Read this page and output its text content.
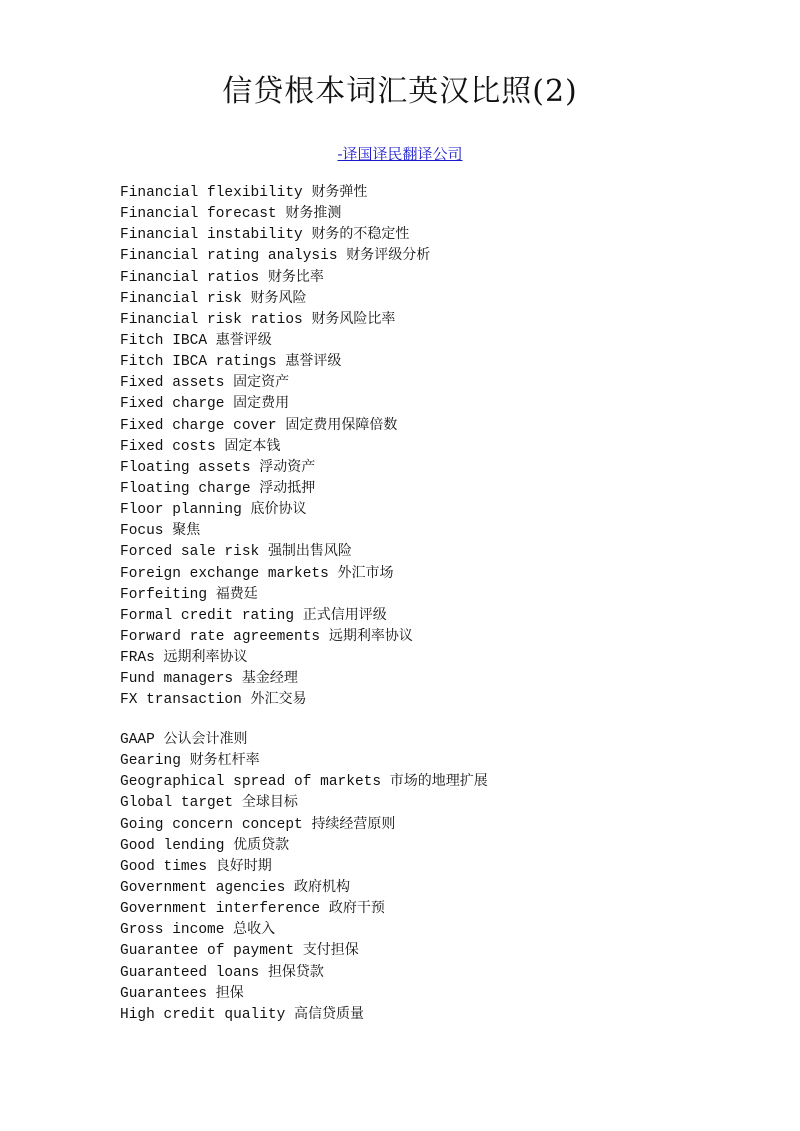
信贷根本词汇英汉比照(2)
-译国译民翻译公司
Financial flexibility 财务弹性
Financial forecast 财务推测
Financial instability 财务的不稳定性
Financial rating analysis 财务评级分析
Financial ratios 财务比率
Financial risk 财务风险
Financial risk ratios 财务风险比率
Fitch IBCA 惠誉评级
Fitch IBCA ratings 惠誉评级
Fixed assets 固定资产
Fixed charge 固定费用
Fixed charge cover 固定费用保障倍数
Fixed costs 固定本钱
Floating assets 浮动资产
Floating charge 浮动抵押
Floor planning 底价协议
Focus 聚焦
Forced sale risk 强制出售风险
Foreign exchange markets 外汇市场
Forfeiting 福费廷
Formal credit rating 正式信用评级
Forward rate agreements 远期利率协议
FRAs 远期利率协议
Fund managers 基金经理
FX transaction 外汇交易
GAAP 公认会计准则
Gearing 财务杠杆率
Geographical spread of markets 市场的地理扩展
Global target 全球目标
Going concern concept 持续经营原则
Good lending 优质贷款
Good times 良好时期
Government agencies 政府机构
Government interference 政府干预
Gross income 总收入
Guarantee of payment 支付担保
Guaranteed loans 担保贷款
Guarantees 担保
High credit quality 高信贷质量
